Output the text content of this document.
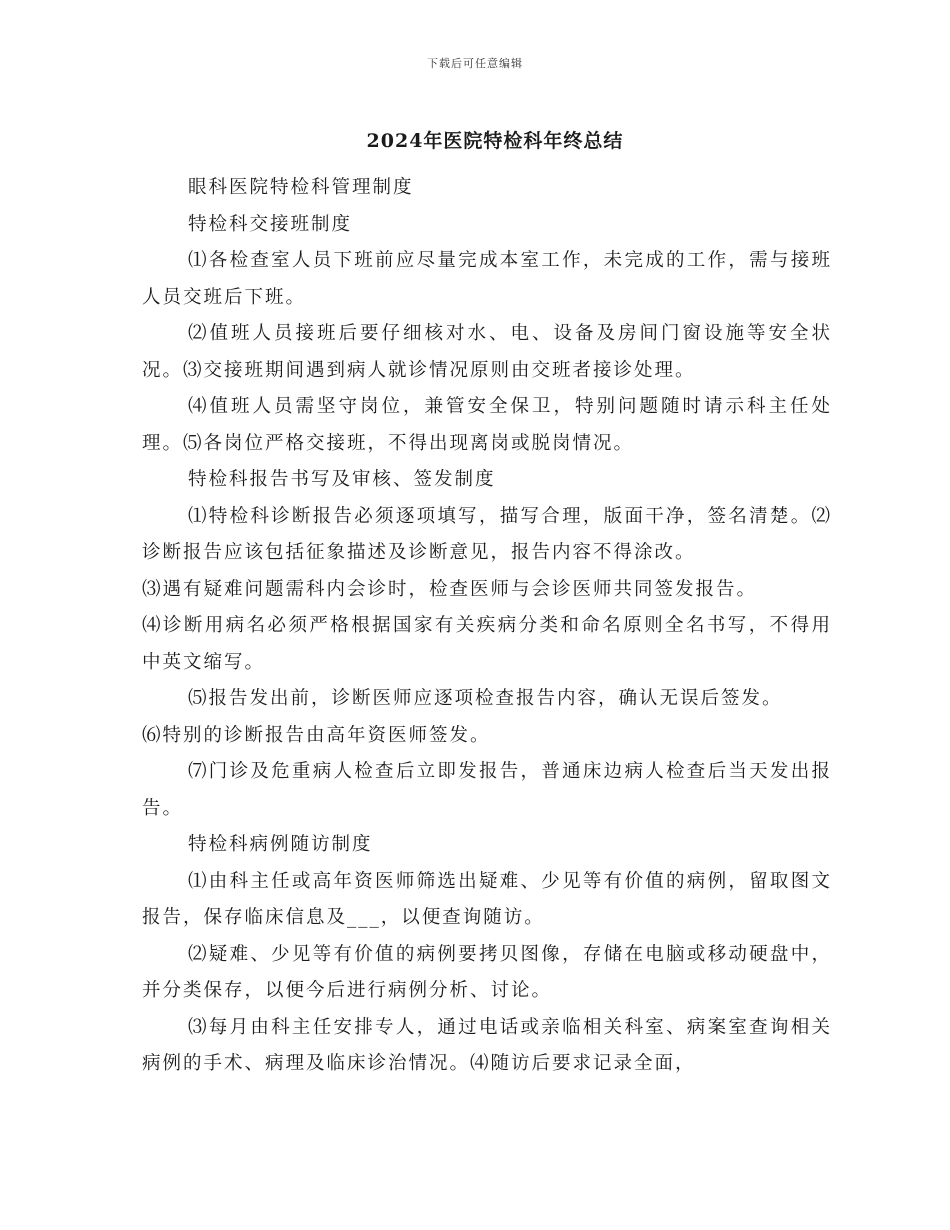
下载后可任意编辑
2024年医院特检科年终总结

眼科医院特检科管理制度

特检科交接班制度

⑴各检查室人员下班前应尽量完成本室工作，未完成的工作，需与接班人员交班后下班。

⑵值班人员接班后要仔细核对水、电、设备及房间门窗设施等安全状况。⑶交接班期间遇到病人就诊情况原则由交班者接诊处理。

⑷值班人员需坚守岗位，兼管安全保卫，特别问题随时请示科主任处理。⑸各岗位严格交接班，不得出现离岗或脱岗情况。

特检科报告书写及审核、签发制度

⑴特检科诊断报告必须逐项填写，描写合理，版面干净，签名清楚。⑵诊断报告应该包括征象描述及诊断意见，报告内容不得涂改。

⑶遇有疑难问题需科内会诊时，检查医师与会诊医师共同签发报告。

⑷诊断用病名必须严格根据国家有关疾病分类和命名原则全名书写，不得用中英文缩写。

⑸报告发出前，诊断医师应逐项检查报告内容，确认无误后签发。

⑹特别的诊断报告由高年资医师签发。

⑺门诊及危重病人检查后立即发报告，普通床边病人检查后当天发出报告。

特检科病例随访制度

⑴由科主任或高年资医师筛选出疑难、少见等有价值的病例，留取图文报告，保存临床信息及___，以便查询随访。

⑵疑难、少见等有价值的病例要拷贝图像，存储在电脑或移动硬盘中，并分类保存，以便今后进行病例分析、讨论。

⑶每月由科主任安排专人，通过电话或亲临相关科室、病案室查询相关病例的手术、病理及临床诊治情况。⑷随访后要求记录全面，
